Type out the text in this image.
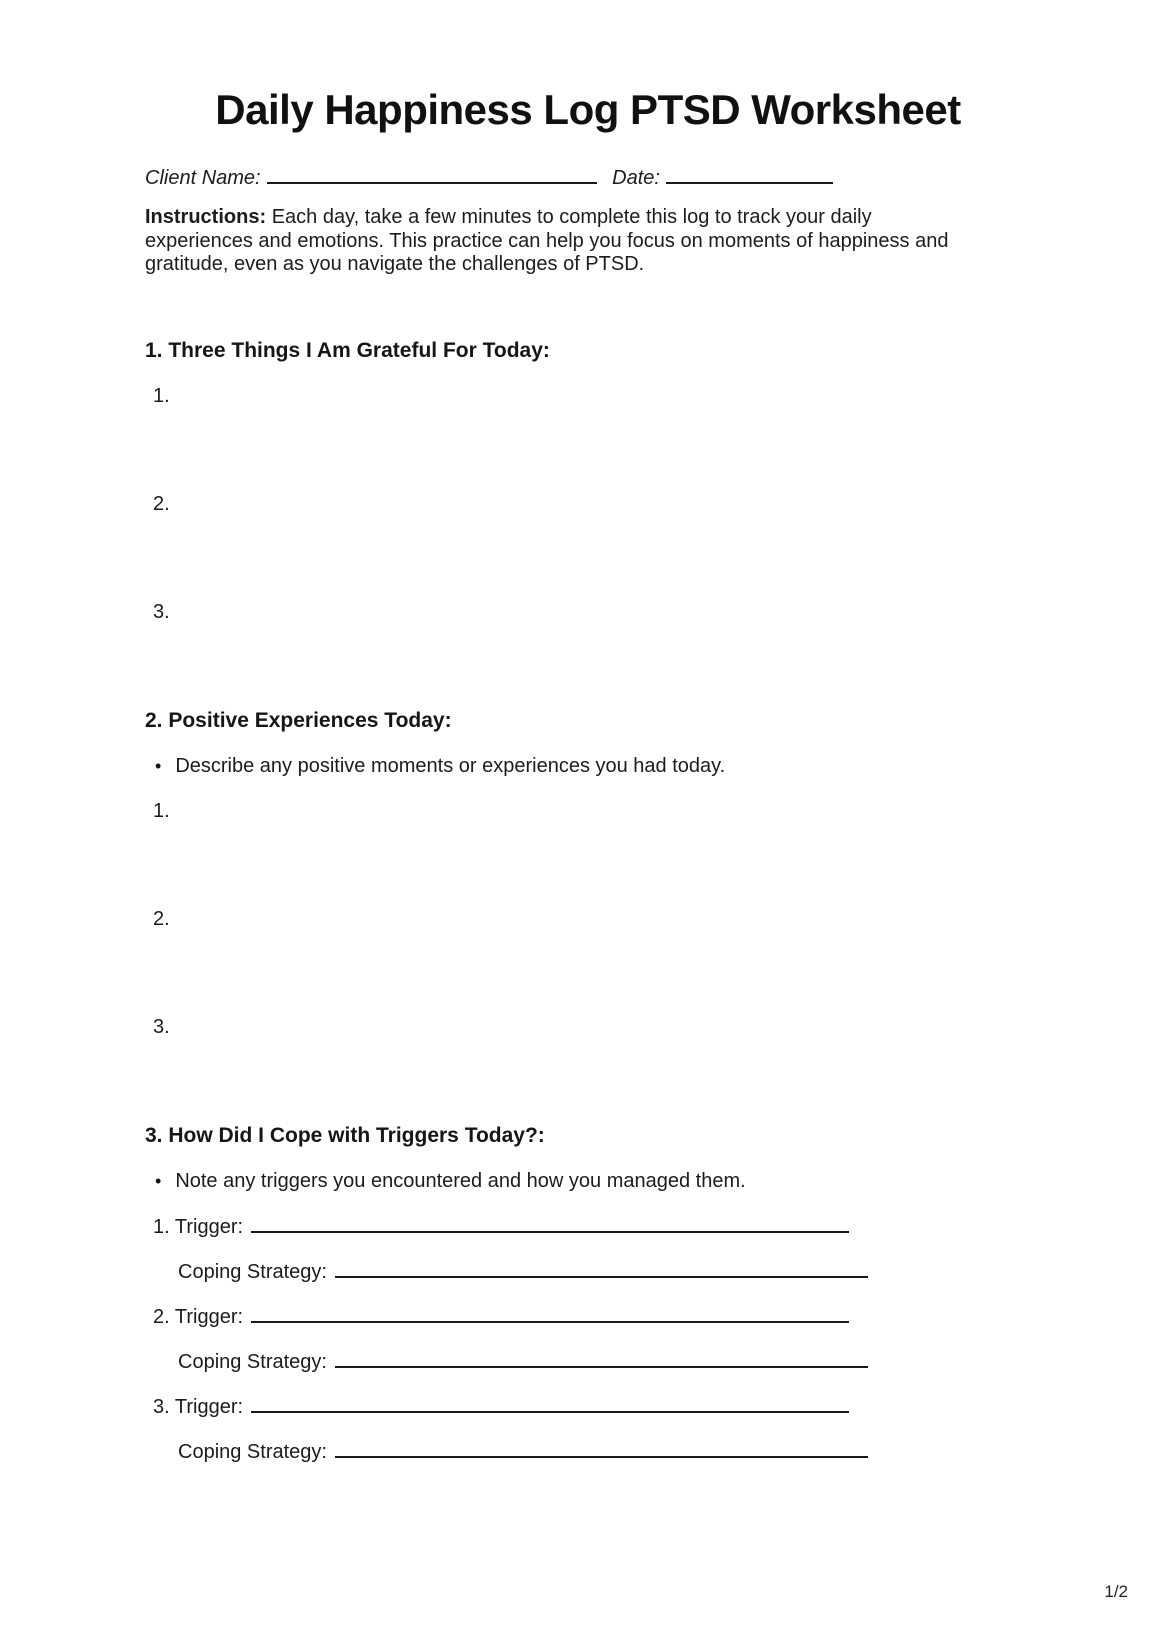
Daily Happiness Log PTSD Worksheet
Client Name:	Date:

Instructions: Each day, take a few minutes to complete this log to track your daily experiences and emotions. This practice can help you focus on moments of happiness and gratitude, even as you navigate the challenges of PTSD.

1. Three Things I Am Grateful For Today:
1.
2.
3.
2. Positive Experiences Today:
• Describe any positive moments or experiences you had today.
1.
2.
3.
3. How Did I Cope with Triggers Today?:
• Note any triggers you encountered and how you managed them.
1. Trigger:
Coping Strategy:
2. Trigger:
Coping Strategy:
3. Trigger:
Coping Strategy:
1/2
